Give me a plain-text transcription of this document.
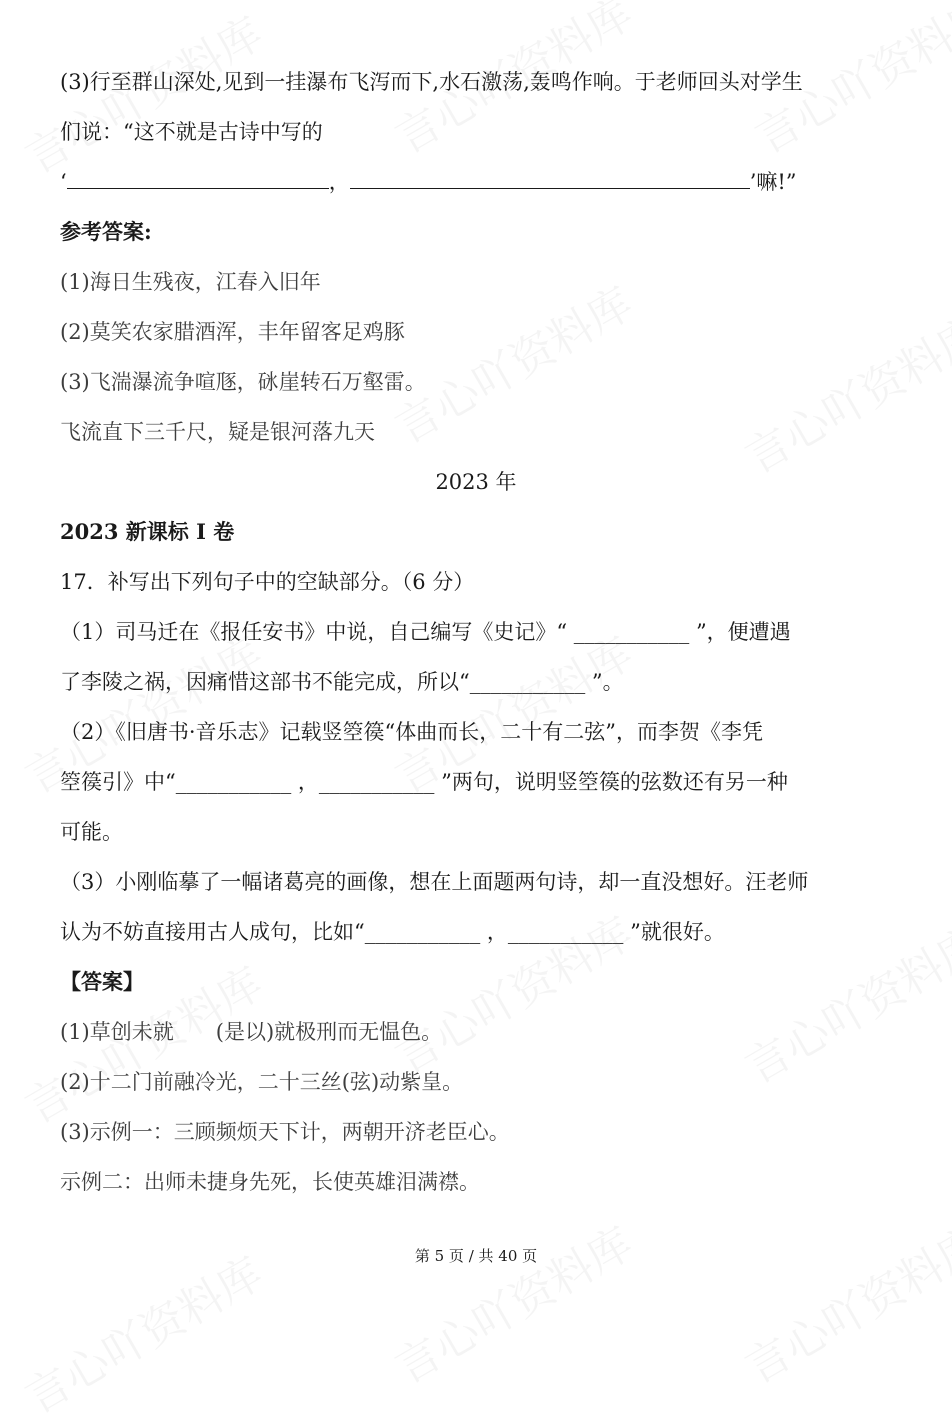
(3)行至群山深处,见到一挂瀑布飞泻而下,水石激荡,轰鸣作响。于老师回头对学生
们说：“这不就是古诗中写的
‘	，	’嘛!”
参考答案:
(1)海日生残夜，江春入旧年
(2)莫笑农家腊酒浑，丰年留客足鸡豚
(3)飞湍瀑流争喧豗，砯崖转石万壑雷。
飞流直下三千尺，疑是银河落九天
2023 年
2023 新课标 I 卷
17．补写出下列句子中的空缺部分。（6 分）
（1）司马迁在《报任安书》中说，自己编写《史记》“ ___________ ”，便遭遇
了李陵之祸，因痛惜这部书不能完成，所以“___________ ”。
（2）《旧唐书·音乐志》记载竖箜篌“体曲而长，二十有二弦”，而李贺《李凭
箜篌引》中“___________ ，___________ ”两句，说明竖箜篌的弦数还有另一种
可能。
（3）小刚临摹了一幅诸葛亮的画像，想在上面题两句诗，却一直没想好。汪老师
认为不妨直接用古人成句，比如“___________ ，___________ ”就很好。
【答案】
(1)草创未就　　(是以)就极刑而无愠色。
(2)十二门前融冷光，二十三丝(弦)动紫皇。
(3)示例一：三顾频烦天下计，两朝开济老臣心。
示例二：出师未捷身先死，长使英雄泪满襟。
第 5 页 / 共 40 页
